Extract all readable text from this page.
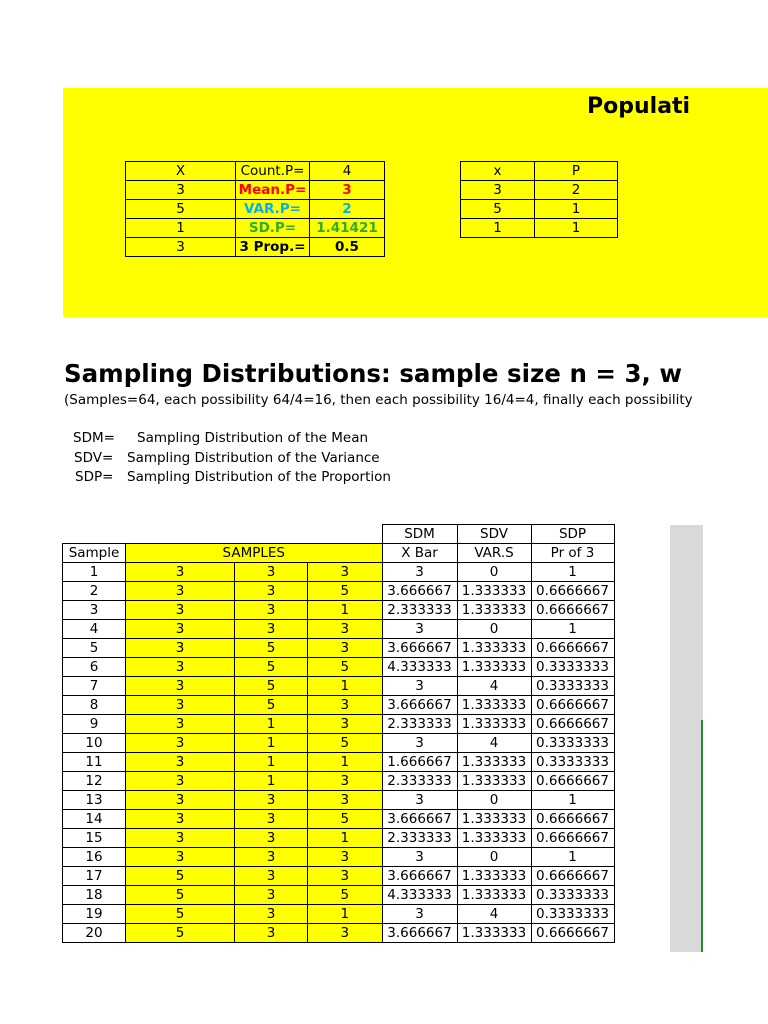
Populati
X	Count.P=	4
3	Mean.P=	3
5	VAR.P=	2
1	SD.P=	1.41421
3	3 Prop.=	0.5
x	P
3	2
5	1
1	1
Sampling Distributions: sample size n = 3, w
(Samples=64, each possibility 64/4=16, then each possibility 16/4=4, finally each possibility
SDM= Sampling Distribution of the Mean
SDV= Sampling Distribution of the Variance
SDP= Sampling Distribution of the Proportion
				SDM	SDV	SDP
Sample	SAMPLES			X Bar	VAR.S	Pr of 3
1	3	3	3	3	0	1
2	3	3	5	3.666667	1.333333	0.6666667
3	3	3	1	2.333333	1.333333	0.6666667
4	3	3	3	3	0	1
5	3	5	3	3.666667	1.333333	0.6666667
6	3	5	5	4.333333	1.333333	0.3333333
7	3	5	1	3	4	0.3333333
8	3	5	3	3.666667	1.333333	0.6666667
9	3	1	3	2.333333	1.333333	0.6666667
10	3	1	5	3	4	0.3333333
11	3	1	1	1.666667	1.333333	0.3333333
12	3	1	3	2.333333	1.333333	0.6666667
13	3	3	3	3	0	1
14	3	3	5	3.666667	1.333333	0.6666667
15	3	3	1	2.333333	1.333333	0.6666667
16	3	3	3	3	0	1
17	5	3	3	3.666667	1.333333	0.6666667
18	5	3	5	4.333333	1.333333	0.3333333
19	5	3	1	3	4	0.3333333
20	5	3	3	3.666667	1.333333	0.6666667
